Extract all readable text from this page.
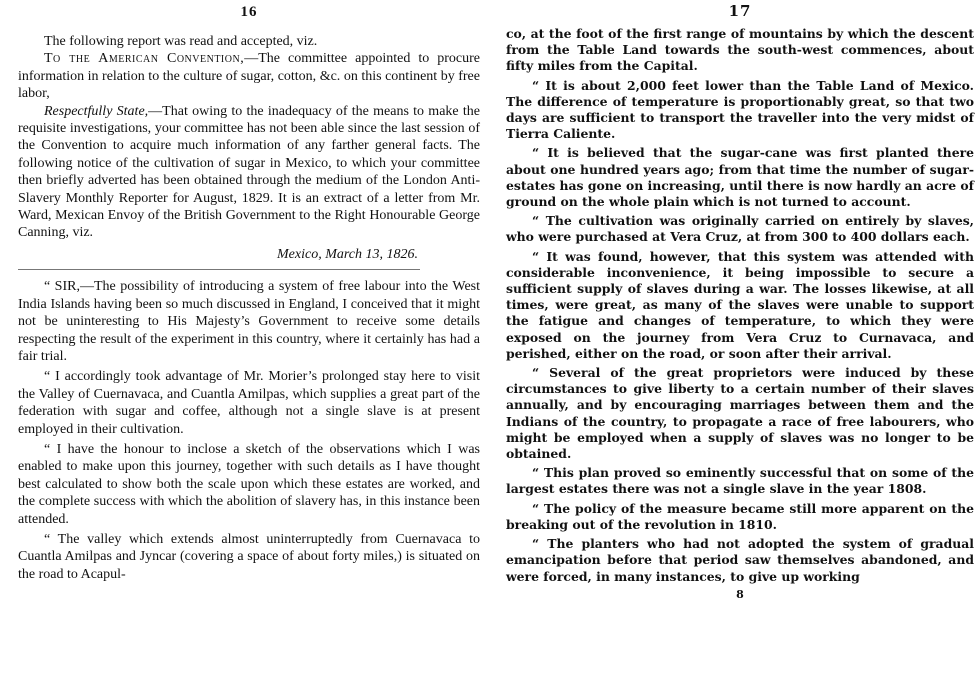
16

The following report was read and accepted, viz.

To the American Convention,—The committee appointed to procure information in relation to the culture of sugar, cotton, &c. on this continent by free labor,

Respectfully State,—That owing to the inadequacy of the means to make the requisite investigations, your committee has not been able since the last session of the Convention to acquire much information of any farther general facts. The following notice of the cultivation of sugar in Mexico, to which your committee then briefly adverted has been obtained through the medium of the London Anti-Slavery Monthly Reporter for August, 1829. It is an extract of a letter from Mr. Ward, Mexican Envoy of the British Government to the Right Honourable George Canning, viz.

Mexico, March 13, 1826.

“ SIR,—The possibility of introducing a system of free labour into the West India Islands having been so much discussed in England, I conceived that it might not be uninteresting to His Majesty’s Government to receive some details respecting the result of the experiment in this country, where it certainly has had a fair trial.

“ I accordingly took advantage of Mr. Morier’s prolonged stay here to visit the Valley of Cuernavaca, and Cuantla Amilpas, which supplies a great part of the federation with sugar and coffee, although not a single slave is at present employed in their cultivation.

“ I have the honour to inclose a sketch of the observations which I was enabled to make upon this journey, together with such details as I have thought best calculated to show both the scale upon which these estates are worked, and the complete success with which the abolition of slavery has, in this instance been attended.

“ The valley which extends almost uninterruptedly from Cuernavaca to Cuantla Amilpas and Jyncar (covering a space of about forty miles,) is situated on the road to Acapul-

17

co, at the foot of the first range of mountains by which the descent from the Table Land towards the south-west commences, about fifty miles from the Capital.

“ It is about 2,000 feet lower than the Table Land of Mexico. The difference of temperature is proportionably great, so that two days are sufficient to transport the traveller into the very midst of Tierra Caliente.

“ It is believed that the sugar-cane was first planted there about one hundred years ago; from that time the number of sugar-estates has gone on increasing, until there is now hardly an acre of ground on the whole plain which is not turned to account.

“ The cultivation was originally carried on entirely by slaves, who were purchased at Vera Cruz, at from 300 to 400 dollars each.

“ It was found, however, that this system was attended with considerable inconvenience, it being impossible to secure a sufficient supply of slaves during a war. The losses likewise, at all times, were great, as many of the slaves were unable to support the fatigue and changes of temperature, to which they were exposed on the journey from Vera Cruz to Curnavaca, and perished, either on the road, or soon after their arrival.

“ Several of the great proprietors were induced by these circumstances to give liberty to a certain number of their slaves annually, and by encouraging marriages between them and the Indians of the country, to propagate a race of free labourers, who might be employed when a supply of slaves was no longer to be obtained.

“ This plan proved so eminently successful that on some of the largest estates there was not a single slave in the year 1808.

“ The policy of the measure became still more apparent on the breaking out of the revolution in 1810.

“ The planters who had not adopted the system of gradual emancipation before that period saw themselves abandoned, and were forced, in many instances, to give up working

8
